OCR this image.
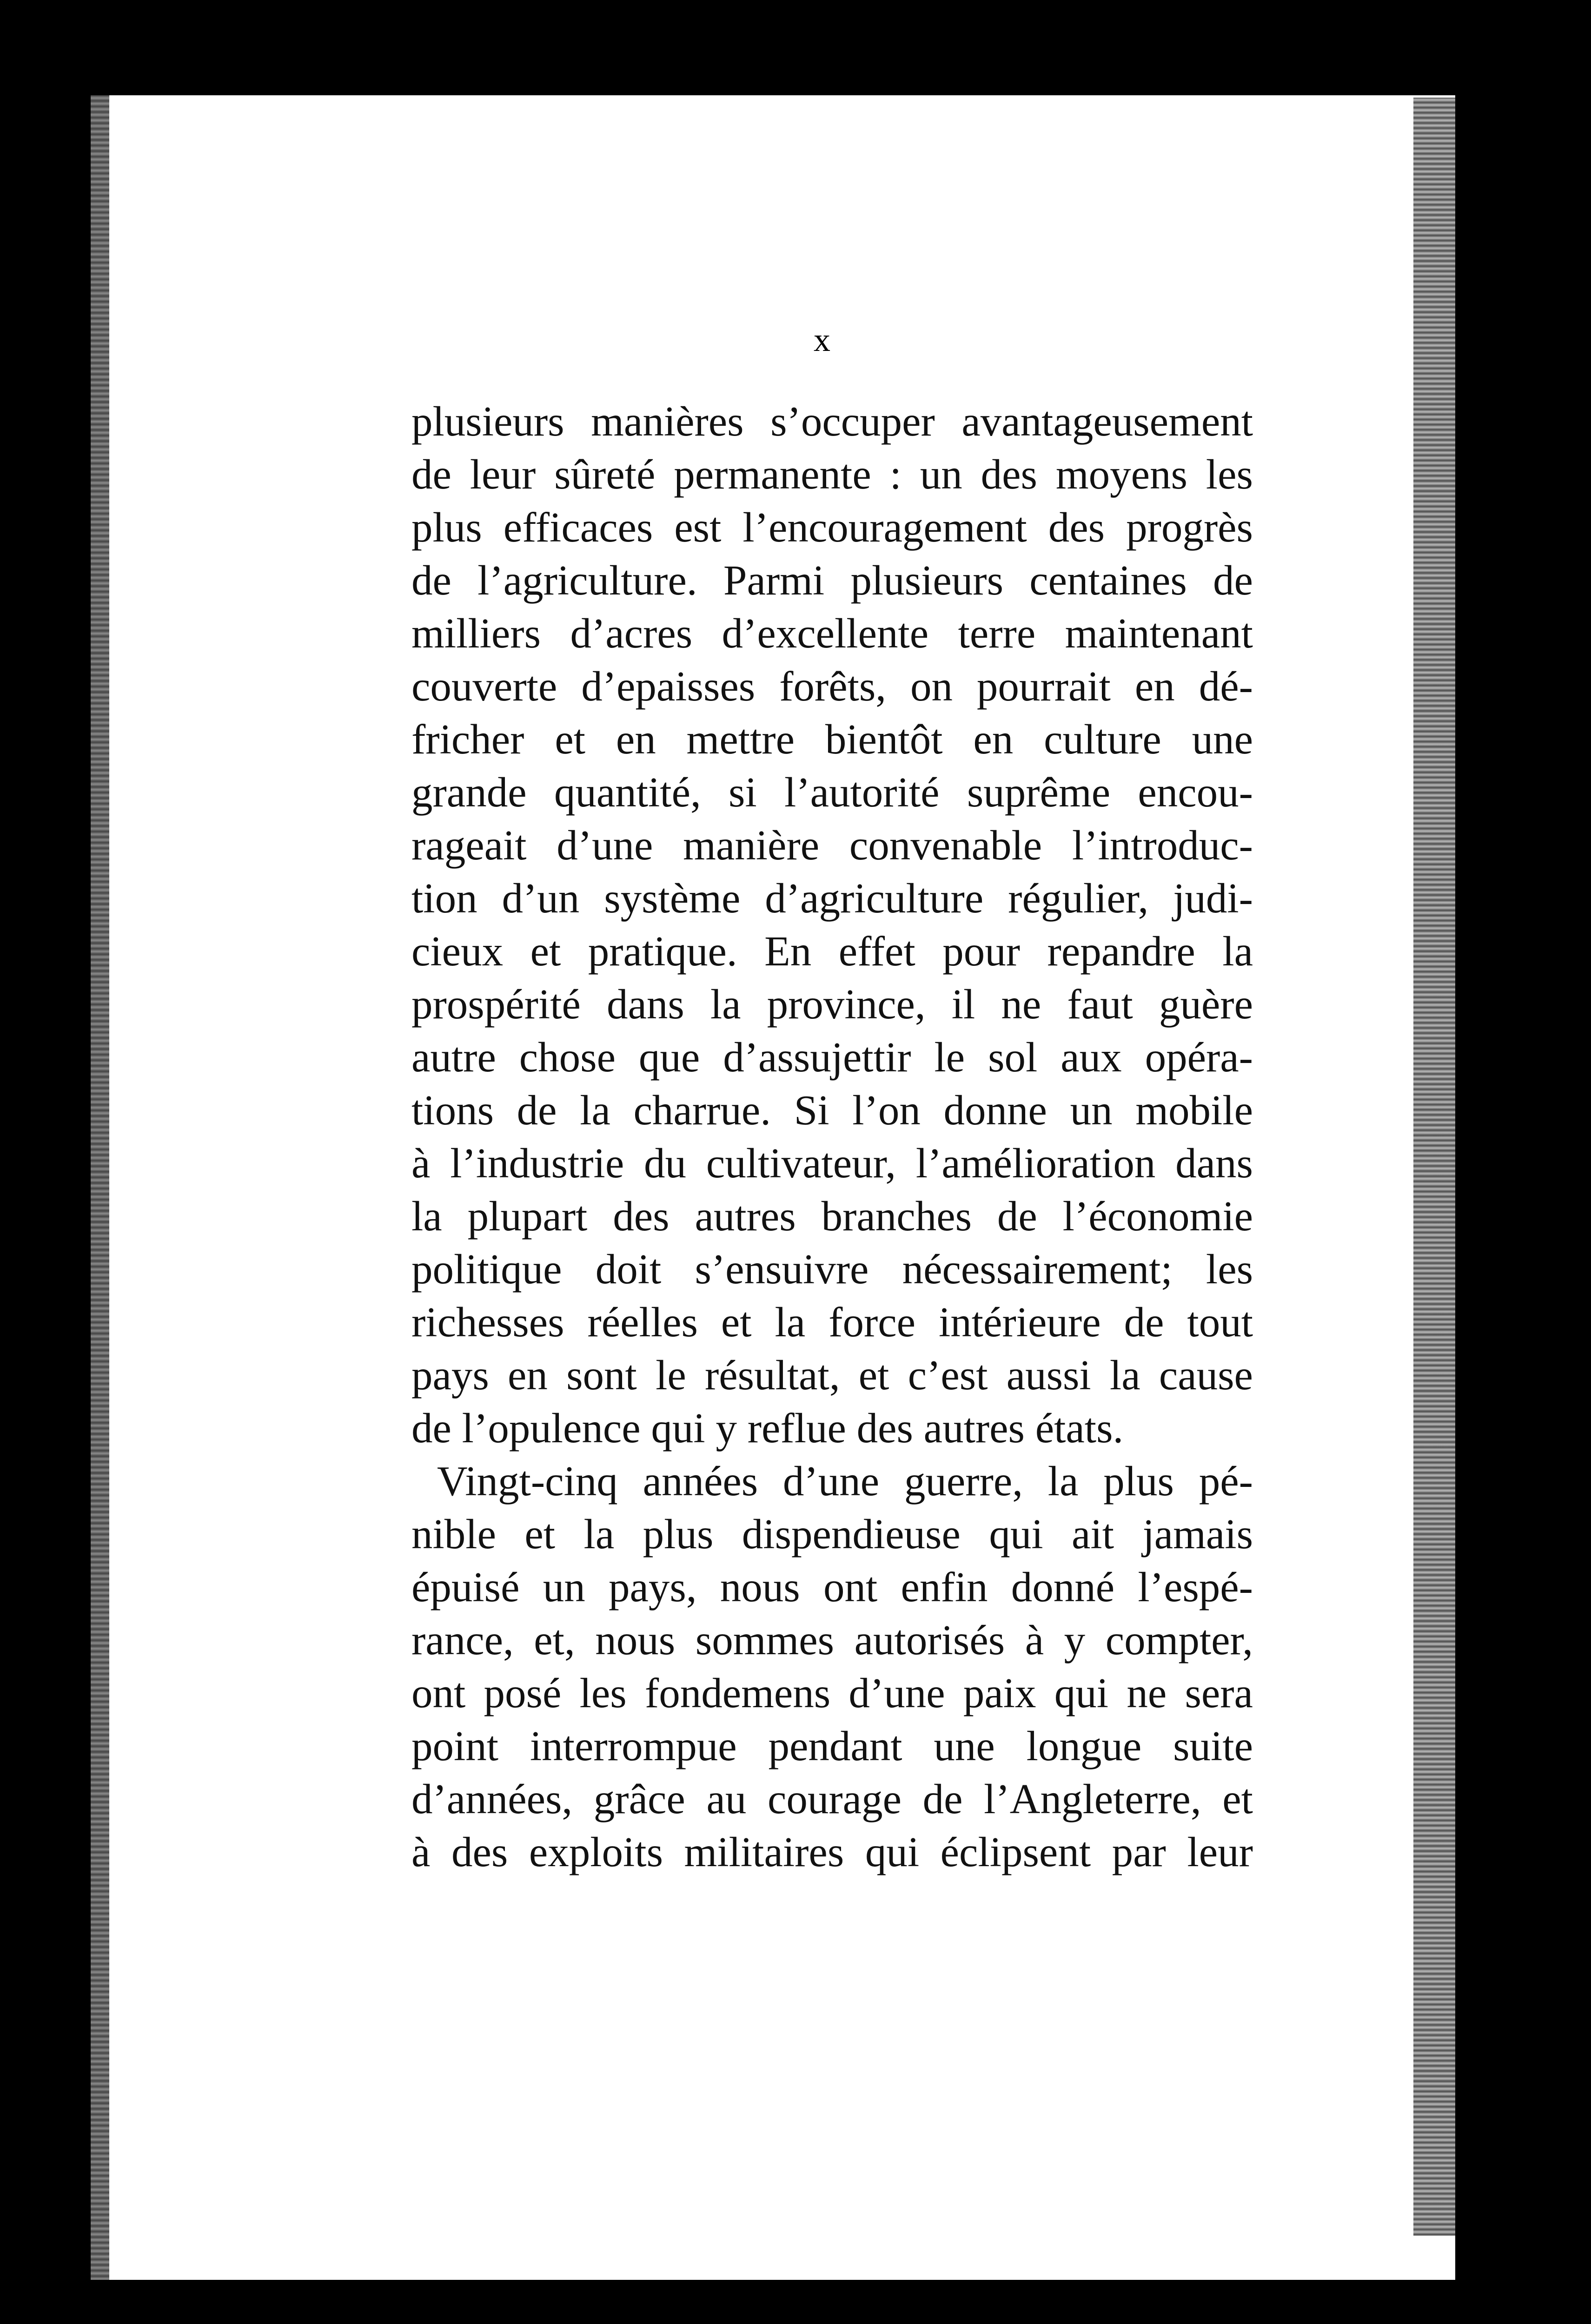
x
plusieurs manières s’occuper avantageusement
de leur sûreté permanente : un des moyens les
plus efficaces est l’encouragement des progrès
de l’agriculture. Parmi plusieurs centaines de
milliers d’acres d’excellente terre maintenant
couverte d’epaisses forêts, on pourrait en dé-
fricher et en mettre bientôt en culture une
grande quantité, si l’autorité suprême encou-
rageait d’une manière convenable l’introduc-
tion d’un système d’agriculture régulier, judi-
cieux et pratique. En effet pour repandre la
prospérité dans la province, il ne faut guère
autre chose que d’assujettir le sol aux opéra-
tions de la charrue. Si l’on donne un mobile
à l’industrie du cultivateur, l’amélioration dans
la plupart des autres branches de l’économie
politique doit s’ensuivre nécessairement; les
richesses réelles et la force intérieure de tout
pays en sont le résultat, et c’est aussi la cause
de l’opulence qui y reflue des autres états.
Vingt-cinq années d’une guerre, la plus pé-
nible et la plus dispendieuse qui ait jamais
épuisé un pays, nous ont enfin donné l’espé-
rance, et, nous sommes autorisés à y compter,
ont posé les fondemens d’une paix qui ne sera
point interrompue pendant une longue suite
d’années, grâce au courage de l’Angleterre, et
à des exploits militaires qui éclipsent par leur
